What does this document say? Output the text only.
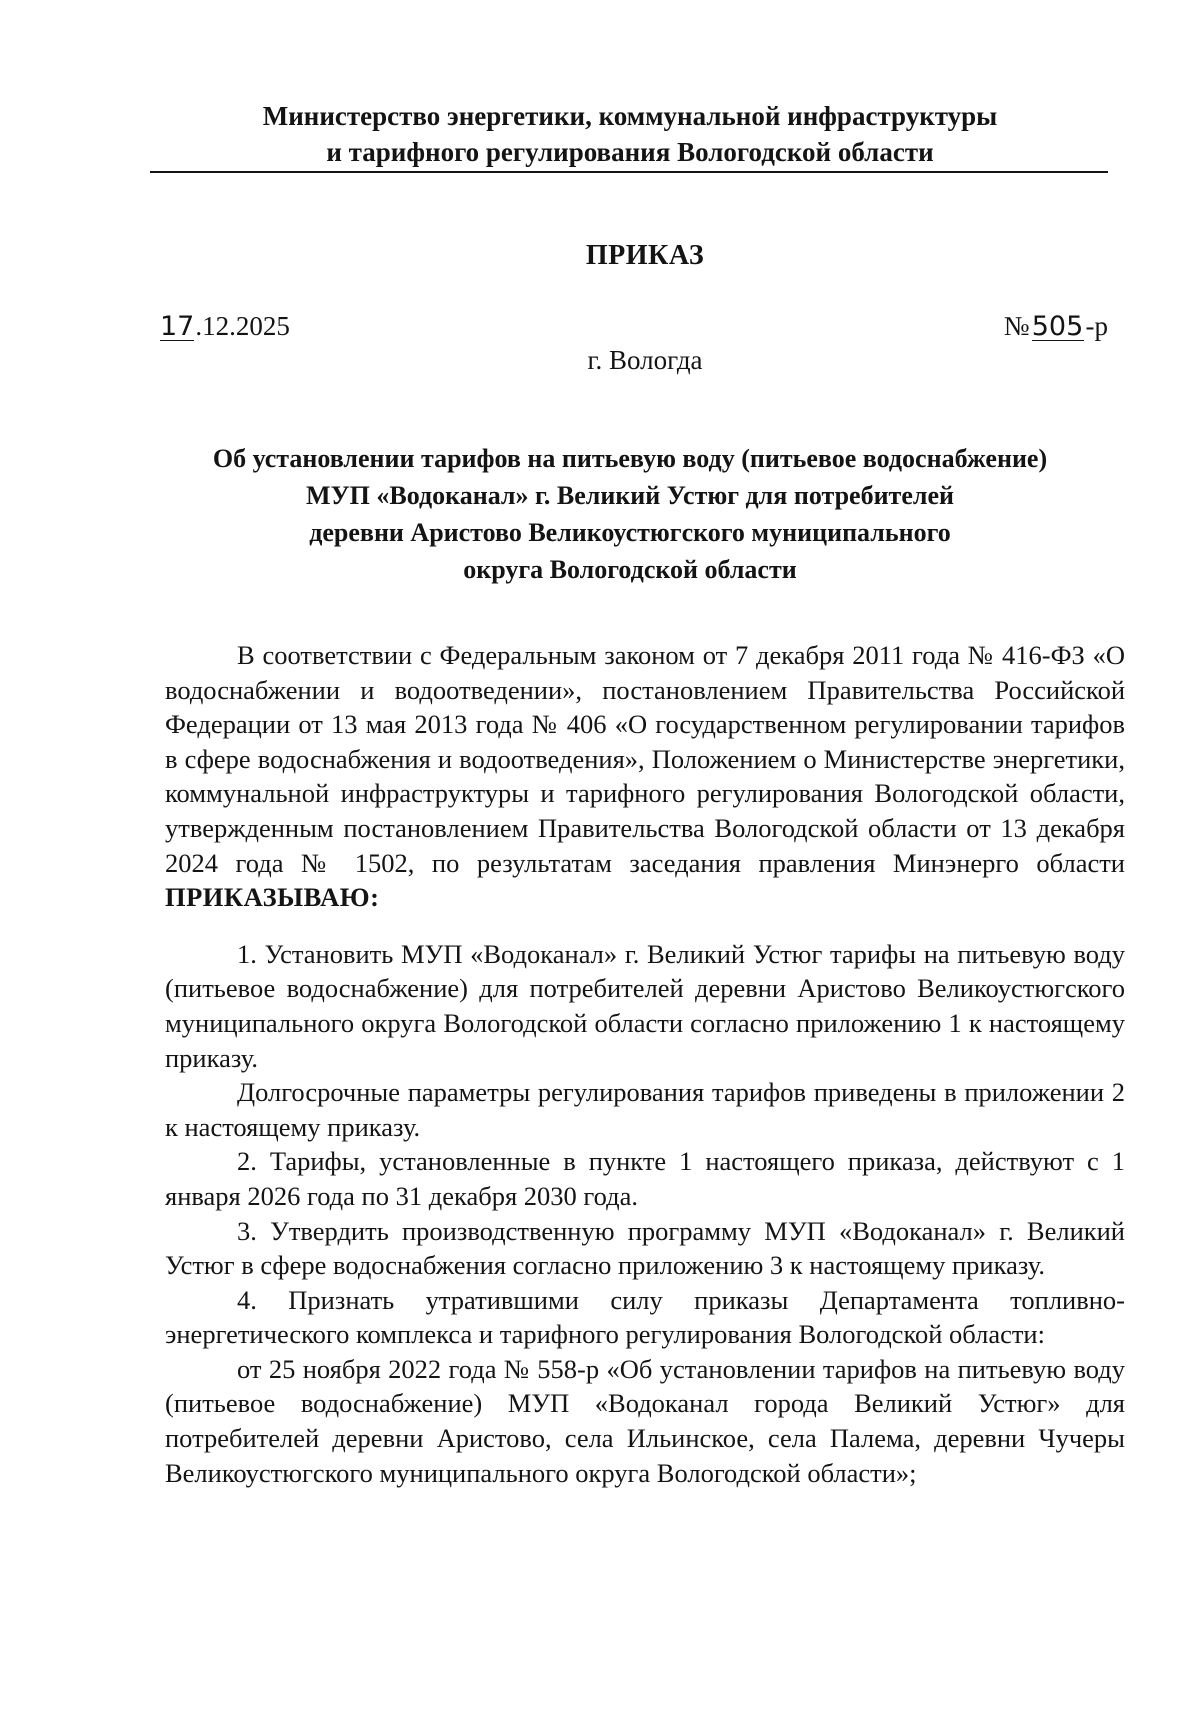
Министерство энергетики, коммунальной инфраструктуры
и тарифного регулирования Вологодской области
ПРИКАЗ
17.12.2025	№505-р
г. Вологда
Об установлении тарифов на питьевую воду (питьевое водоснабжение)
МУП «Водоканал» г. Великий Устюг для потребителей
деревни Аристово Великоустюгского муниципального
округа Вологодской области

В соответствии с Федеральным законом от 7 декабря 2011 года № 416-ФЗ «О водоснабжении и водоотведении», постановлением Правительства Российской Федерации от 13 мая 2013 года № 406 «О государственном регулировании тарифов в сфере водоснабжения и водоотведения», Положением о Министерстве энергетики, коммунальной инфраструктуры и тарифного регулирования Вологодской области, утвержденным постановлением Правительства Вологодской области от 13 декабря 2024 года № 1502, по результатам заседания правления Минэнерго области

ПРИКАЗЫВАЮ:

1. Установить МУП «Водоканал» г. Великий Устюг тарифы на питьевую воду (питьевое водоснабжение) для потребителей деревни Аристово Великоустюгского муниципального округа Вологодской области согласно приложению 1 к настоящему приказу.

Долгосрочные параметры регулирования тарифов приведены в приложении 2 к настоящему приказу.

2. Тарифы, установленные в пункте 1 настоящего приказа, действуют с 1 января 2026 года по 31 декабря 2030 года.

3. Утвердить производственную программу МУП «Водоканал» г. Великий Устюг в сфере водоснабжения согласно приложению 3 к настоящему приказу.

4. Признать утратившими силу приказы Департамента топливно-энергетического комплекса и тарифного регулирования Вологодской области:

от 25 ноября 2022 года № 558-р «Об установлении тарифов на питьевую воду (питьевое водоснабжение) МУП «Водоканал города Великий Устюг» для потребителей деревни Аристово, села Ильинское, села Палема, деревни Чучеры Великоустюгского муниципального округа Вологодской области»;
